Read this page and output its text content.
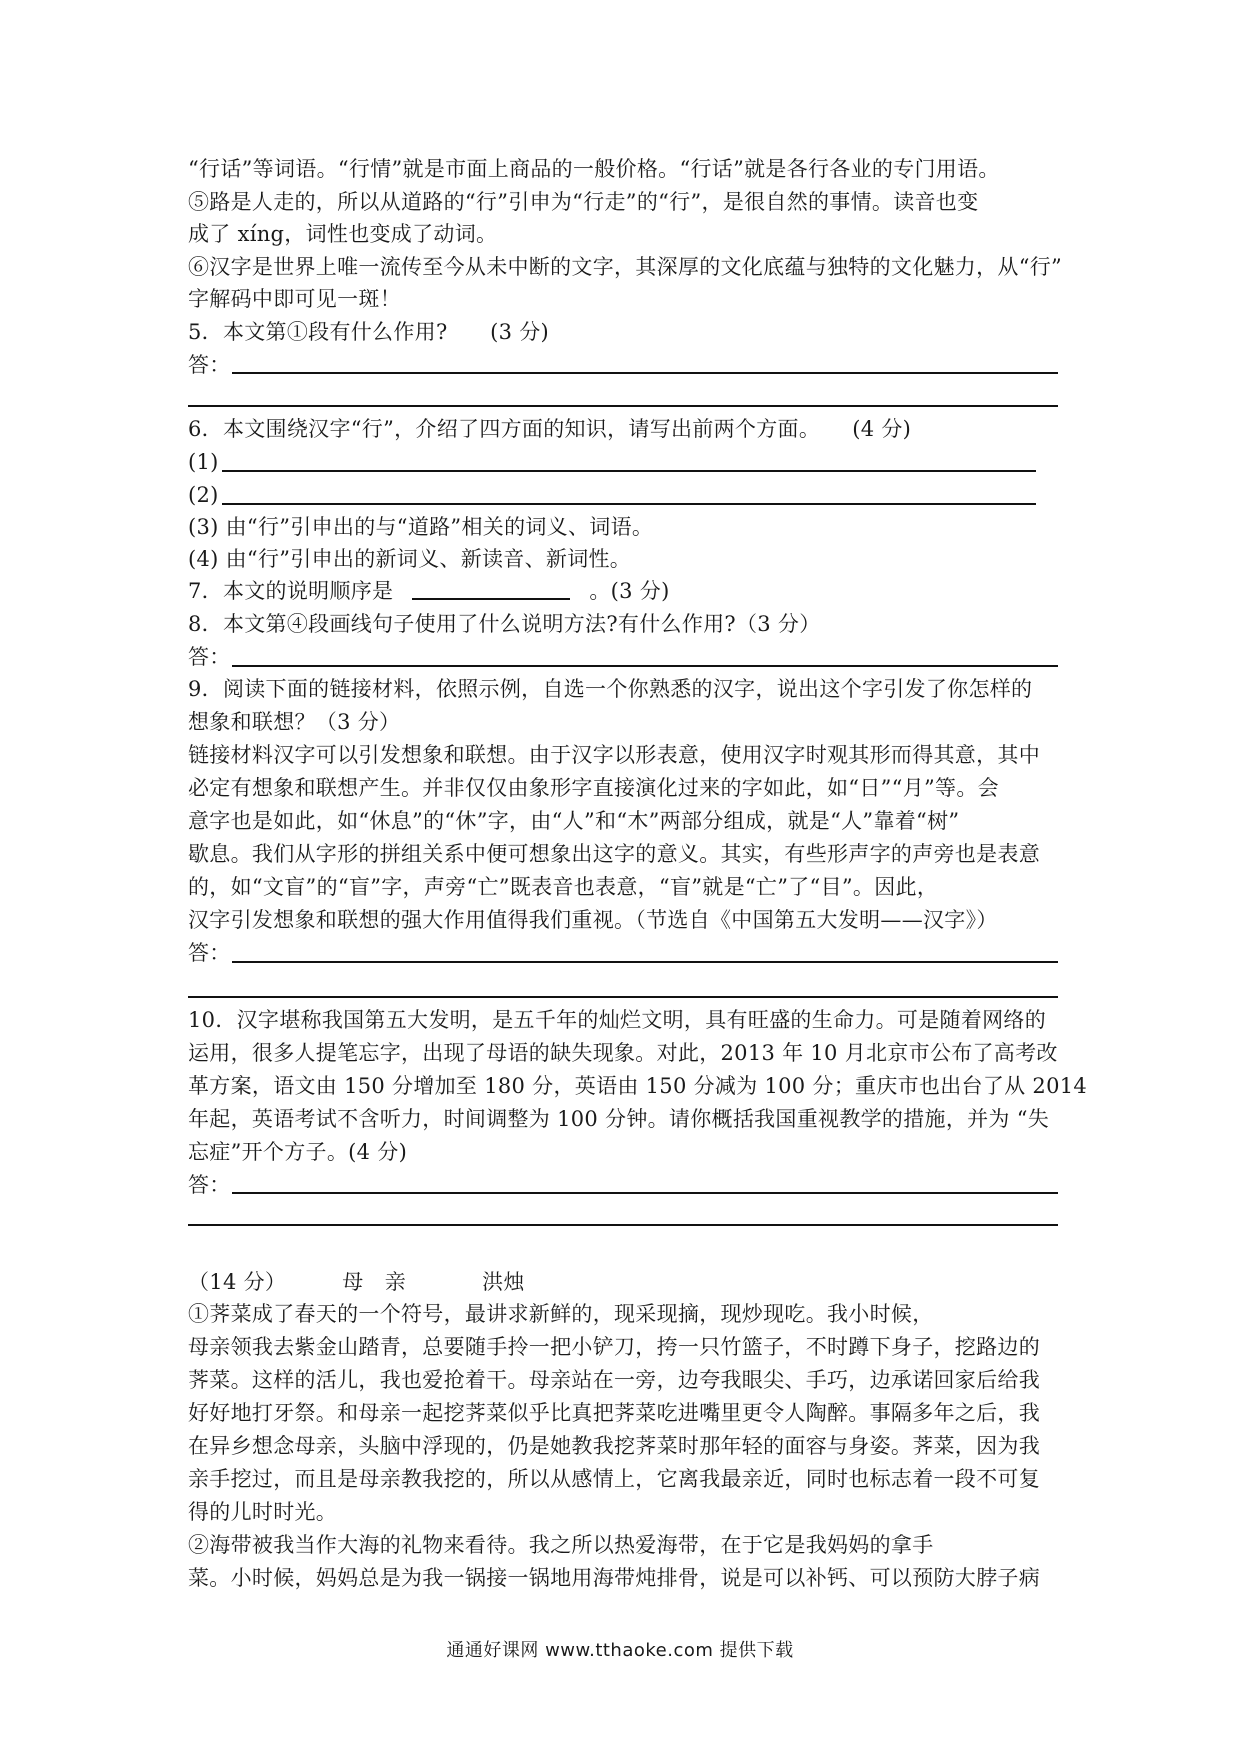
“行话”等词语。“行情”就是市面上商品的一般价格。“行话”就是各行各业的专门用语。
⑤路是人走的，所以从道路的“行”引申为“行走”的“行”，是很自然的事情。读音也变
成了 xíng，词性也变成了动词。
⑥汉字是世界上唯一流传至今从未中断的文字，其深厚的文化底蕴与独特的文化魅力，从“行”
字解码中即可见一斑！
5．本文第①段有什么作用?　　(3 分)
答：
6．本文围绕汉字“行”，介绍了四方面的知识，请写出前两个方面。　　(4 分)
(1)
(2)
(3) 由“行”引申出的与“道路”相关的词义、词语。
(4) 由“行”引申出的新词义、新读音、新词性。
7．本文的说明顺序是	。(3 分)
8．本文第④段画线句子使用了什么说明方法?有什么作用?（3 分）
答：
9．阅读下面的链接材料，依照示例，自选一个你熟悉的汉字，说出这个字引发了你怎样的
想象和联想？（3 分）
链接材料汉字可以引发想象和联想。由于汉字以形表意，使用汉字时观其形而得其意，其中
必定有想象和联想产生。并非仅仅由象形字直接演化过来的字如此，如“日”“月”等。会
意字也是如此，如“休息”的“休”字，由“人”和“木”两部分组成，就是“人”靠着“树”
歇息。我们从字形的拼组关系中便可想象出这字的意义。其实，有些形声字的声旁也是表意
的，如“文盲”的“盲”字，声旁“亡”既表音也表意，“盲”就是“亡”了“目”。因此，
汉字引发想象和联想的强大作用值得我们重视。（节选自《中国第五大发明——汉字》）
答：
10．汉字堪称我国第五大发明，是五千年的灿烂文明，具有旺盛的生命力。可是随着网络的
运用，很多人提笔忘字，出现了母语的缺失现象。对此，2013 年 10 月北京市公布了高考改
革方案，语文由 150 分增加至 180 分，英语由 150 分减为 100 分；重庆市也出台了从 2014
年起，英语考试不含听力，时间调整为 100 分钟。请你概括我国重视教学的措施，并为 “失
忘症”开个方子。(4 分)
答：
（14 分）	母　亲	洪烛
①荠菜成了春天的一个符号，最讲求新鲜的，现采现摘，现炒现吃。我小时候，
母亲领我去紫金山踏青，总要随手拎一把小铲刀，挎一只竹篮子，不时蹲下身子，挖路边的
荠菜。这样的活儿，我也爱抢着干。母亲站在一旁，边夸我眼尖、手巧，边承诺回家后给我
好好地打牙祭。和母亲一起挖荠菜似乎比真把荠菜吃进嘴里更令人陶醉。事隔多年之后，我
在异乡想念母亲，头脑中浮现的，仍是她教我挖荠菜时那年轻的面容与身姿。荠菜，因为我
亲手挖过，而且是母亲教我挖的，所以从感情上，它离我最亲近，同时也标志着一段不可复
得的儿时时光。
②海带被我当作大海的礼物来看待。我之所以热爱海带，在于它是我妈妈的拿手
菜。小时候，妈妈总是为我一锅接一锅地用海带炖排骨，说是可以补钙、可以预防大脖子病
通通好课网 www.tthaoke.com 提供下载
